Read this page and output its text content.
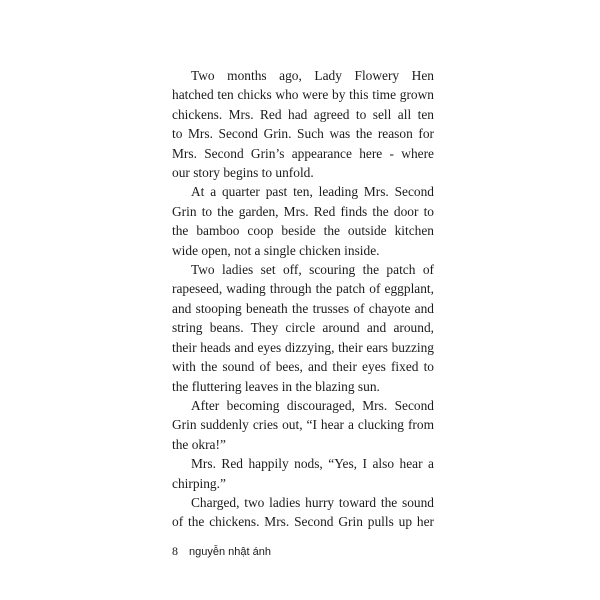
Two months ago, Lady Flowery Hen
hatched ten chicks who were by this time grown
chickens. Mrs. Red had agreed to sell all ten
to Mrs. Second Grin. Such was the reason for
Mrs. Second Grin’s appearance here - where
our story begins to unfold.
At a quarter past ten, leading Mrs. Second
Grin to the garden, Mrs. Red finds the door to
the bamboo coop beside the outside kitchen
wide open, not a single chicken inside.
Two ladies set off, scouring the patch of
rapeseed, wading through the patch of eggplant,
and stooping beneath the trusses of chayote and
string beans. They circle around and around,
their heads and eyes dizzying, their ears buzzing
with the sound of bees, and their eyes fixed to
the fluttering leaves in the blazing sun.
After becoming discouraged, Mrs. Second
Grin suddenly cries out, “I hear a clucking from
the okra!”
Mrs. Red happily nods, “Yes, I also hear a
chirping.”
Charged, two ladies hurry toward the sound
of the chickens. Mrs. Second Grin pulls up her
8 nguyễn nhật ánh
